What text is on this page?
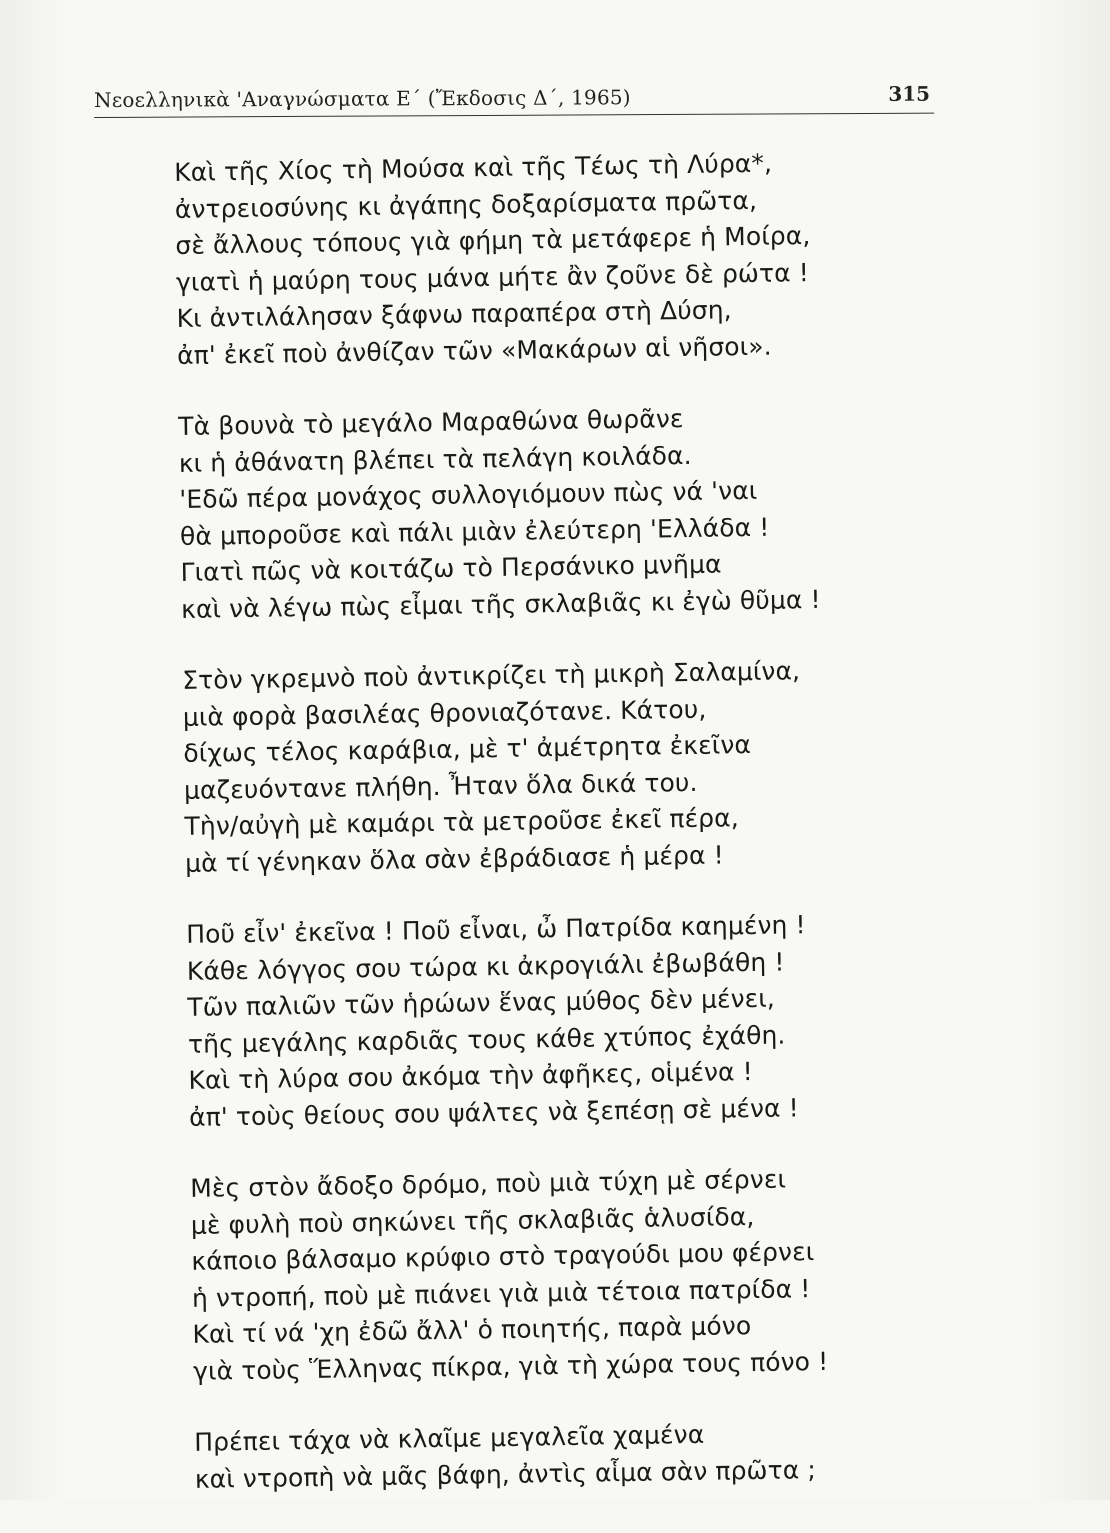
Νεοελληνικὰ 'Αναγνώσματα Ε΄ (Ἔκδοσις Δ΄, 1965)	315
Καὶ τῆς Χίος τὴ Μούσα καὶ τῆς Τέως τὴ Λύρα*,
ἀντρειοσύνης κι ἀγάπης δοξαρίσματα πρῶτα,
σὲ ἄλλους τόπους γιὰ φήμη τὰ μετάφερε ἡ Μοίρα,
γιατὶ ἡ μαύρη τους μάνα μήτε ἂν ζοῦνε δὲ ρώτα !
Κι ἀντιλάλησαν ξάφνω παραπέρα στὴ Δύση,
ἀπ' ἐκεῖ ποὺ ἀνθίζαν τῶν «Μακάρων αἱ νῆσοι».
Τὰ βουνὰ τὸ μεγάλο Μαραθώνα θωρᾶνε
κι ἡ ἀθάνατη βλέπει τὰ πελάγη κοιλάδα.
'Εδῶ πέρα μονάχος συλλογιόμουν πὼς νά 'ναι
θὰ μποροῦσε καὶ πάλι μιὰν ἐλεύτερη 'Ελλάδα !
Γιατὶ πῶς νὰ κοιτάζω τὸ Περσάνικο μνῆμα
καὶ νὰ λέγω πὼς εἶμαι τῆς σκλαβιᾶς κι ἐγὼ θῦμα !
Στὸν γκρεμνὸ ποὺ ἀντικρίζει τὴ μικρὴ Σαλαμίνα,
μιὰ φορὰ βασιλέας θρονιαζότανε. Κάτου,
δίχως τέλος καράβια, μὲ τ' ἀμέτρητα ἐκεῖνα
μαζευόντανε πλήθη. Ἦταν ὅλα δικά του.
Τὴν/αὐγὴ μὲ καμάρι τὰ μετροῦσε ἐκεῖ πέρα,
μὰ τί γένηκαν ὅλα σὰν ἐβράδιασε ἡ μέρα !
Ποῦ εἶν' ἐκεῖνα ! Ποῦ εἶναι, ὦ Πατρίδα καημένη !
Κάθε λόγγος σου τώρα κι ἀκρογιάλι ἐβωβάθη !
Τῶν παλιῶν τῶν ἡρώων ἕνας μύθος δὲν μένει,
τῆς μεγάλης καρδιᾶς τους κάθε χτύπος ἐχάθη.
Καὶ τὴ λύρα σου ἀκόμα τὴν ἀφῆκες, οἱμένα !
ἀπ' τοὺς θείους σου ψάλτες νὰ ξεπέσῃ σὲ μένα !
Μὲς στὸν ἄδοξο δρόμο, ποὺ μιὰ τύχη μὲ σέρνει
μὲ φυλὴ ποὺ σηκώνει τῆς σκλαβιᾶς ἁλυσίδα,
κάποιο βάλσαμο κρύφιο στὸ τραγούδι μου φέρνει
ἡ ντροπή, ποὺ μὲ πιάνει γιὰ μιὰ τέτοια πατρίδα !
Καὶ τί νά 'χη ἐδῶ ἄλλ' ὁ ποιητής, παρὰ μόνο
γιὰ τοὺς Ἕλληνας πίκρα, γιὰ τὴ χώρα τους πόνο !
Πρέπει τάχα νὰ κλαῖμε μεγαλεῖα χαμένα
καὶ ντροπὴ νὰ μᾶς βάφη, ἀντὶς αἷμα σὰν πρῶτα ;
